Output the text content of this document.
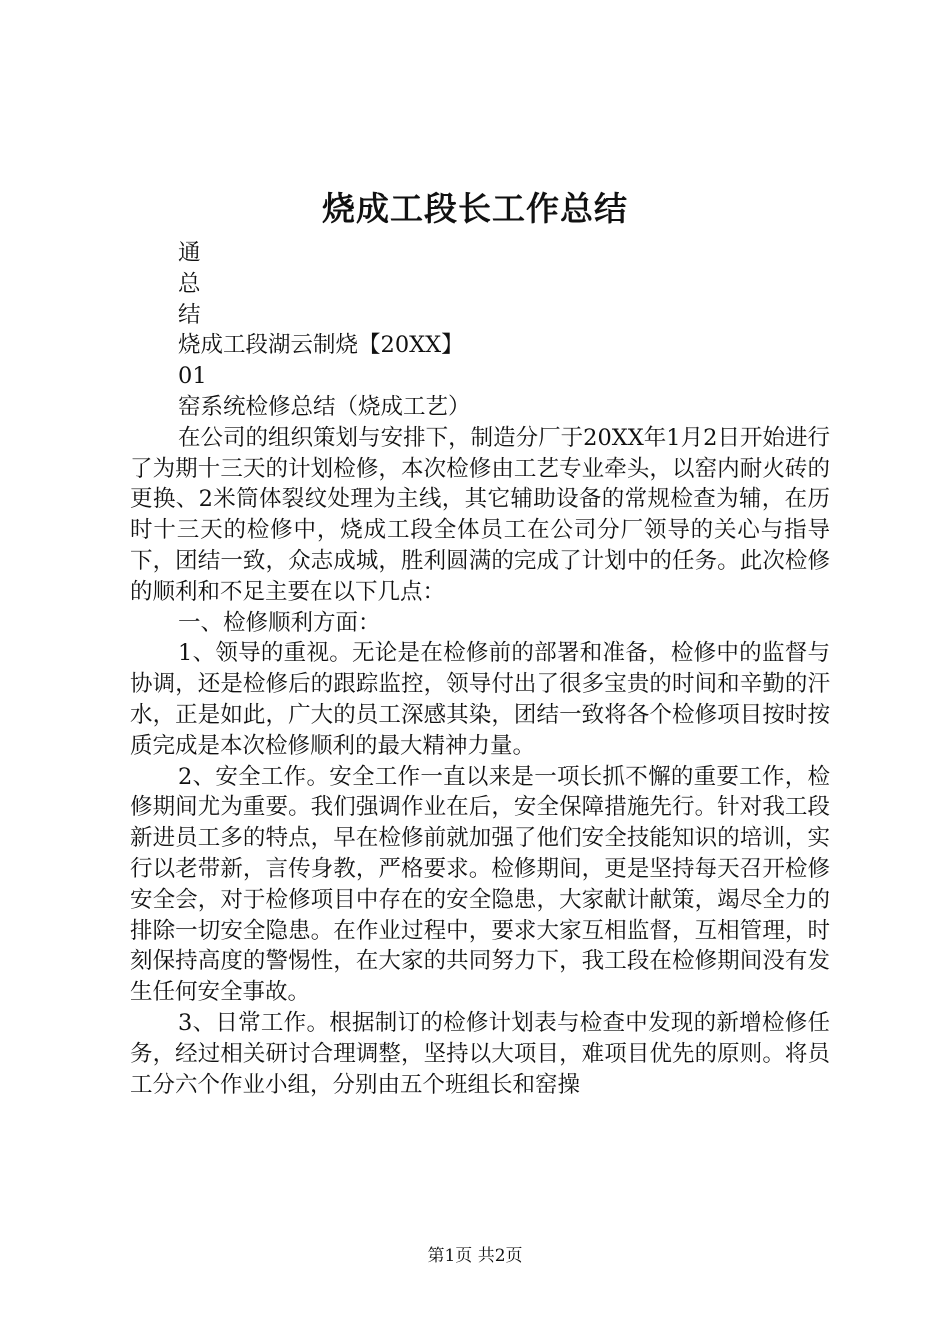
烧成工段长工作总结

通

总

结

烧成工段湖云制烧【20XX】

01

窑系统检修总结（烧成工艺）

在公司的组织策划与安排下，制造分厂于20XX年1月2日开始进行了为期十三天的计划检修，本次检修由工艺专业牵头，以窑内耐火砖的更换、2米筒体裂纹处理为主线，其它辅助设备的常规检查为辅，在历时十三天的检修中，烧成工段全体员工在公司分厂领导的关心与指导下，团结一致，众志成城，胜利圆满的完成了计划中的任务。此次检修的顺利和不足主要在以下几点：

一、检修顺利方面：

1、领导的重视。无论是在检修前的部署和准备，检修中的监督与协调，还是检修后的跟踪监控，领导付出了很多宝贵的时间和辛勤的汗水，正是如此，广大的员工深感其染，团结一致将各个检修项目按时按质完成是本次检修顺利的最大精神力量。

2、安全工作。安全工作一直以来是一项长抓不懈的重要工作，检修期间尤为重要。我们强调作业在后，安全保障措施先行。针对我工段新进员工多的特点，早在检修前就加强了他们安全技能知识的培训，实行以老带新，言传身教，严格要求。检修期间，更是坚持每天召开检修安全会，对于检修项目中存在的安全隐患，大家献计献策，竭尽全力的排除一切安全隐患。在作业过程中，要求大家互相监督，互相管理，时刻保持高度的警惕性，在大家的共同努力下，我工段在检修期间没有发生任何安全事故。

3、日常工作。根据制订的检修计划表与检查中发现的新增检修任务，经过相关研讨合理调整，坚持以大项目，难项目优先的原则。将员工分六个作业小组，分别由五个班组长和窑操

第1页 共2页
